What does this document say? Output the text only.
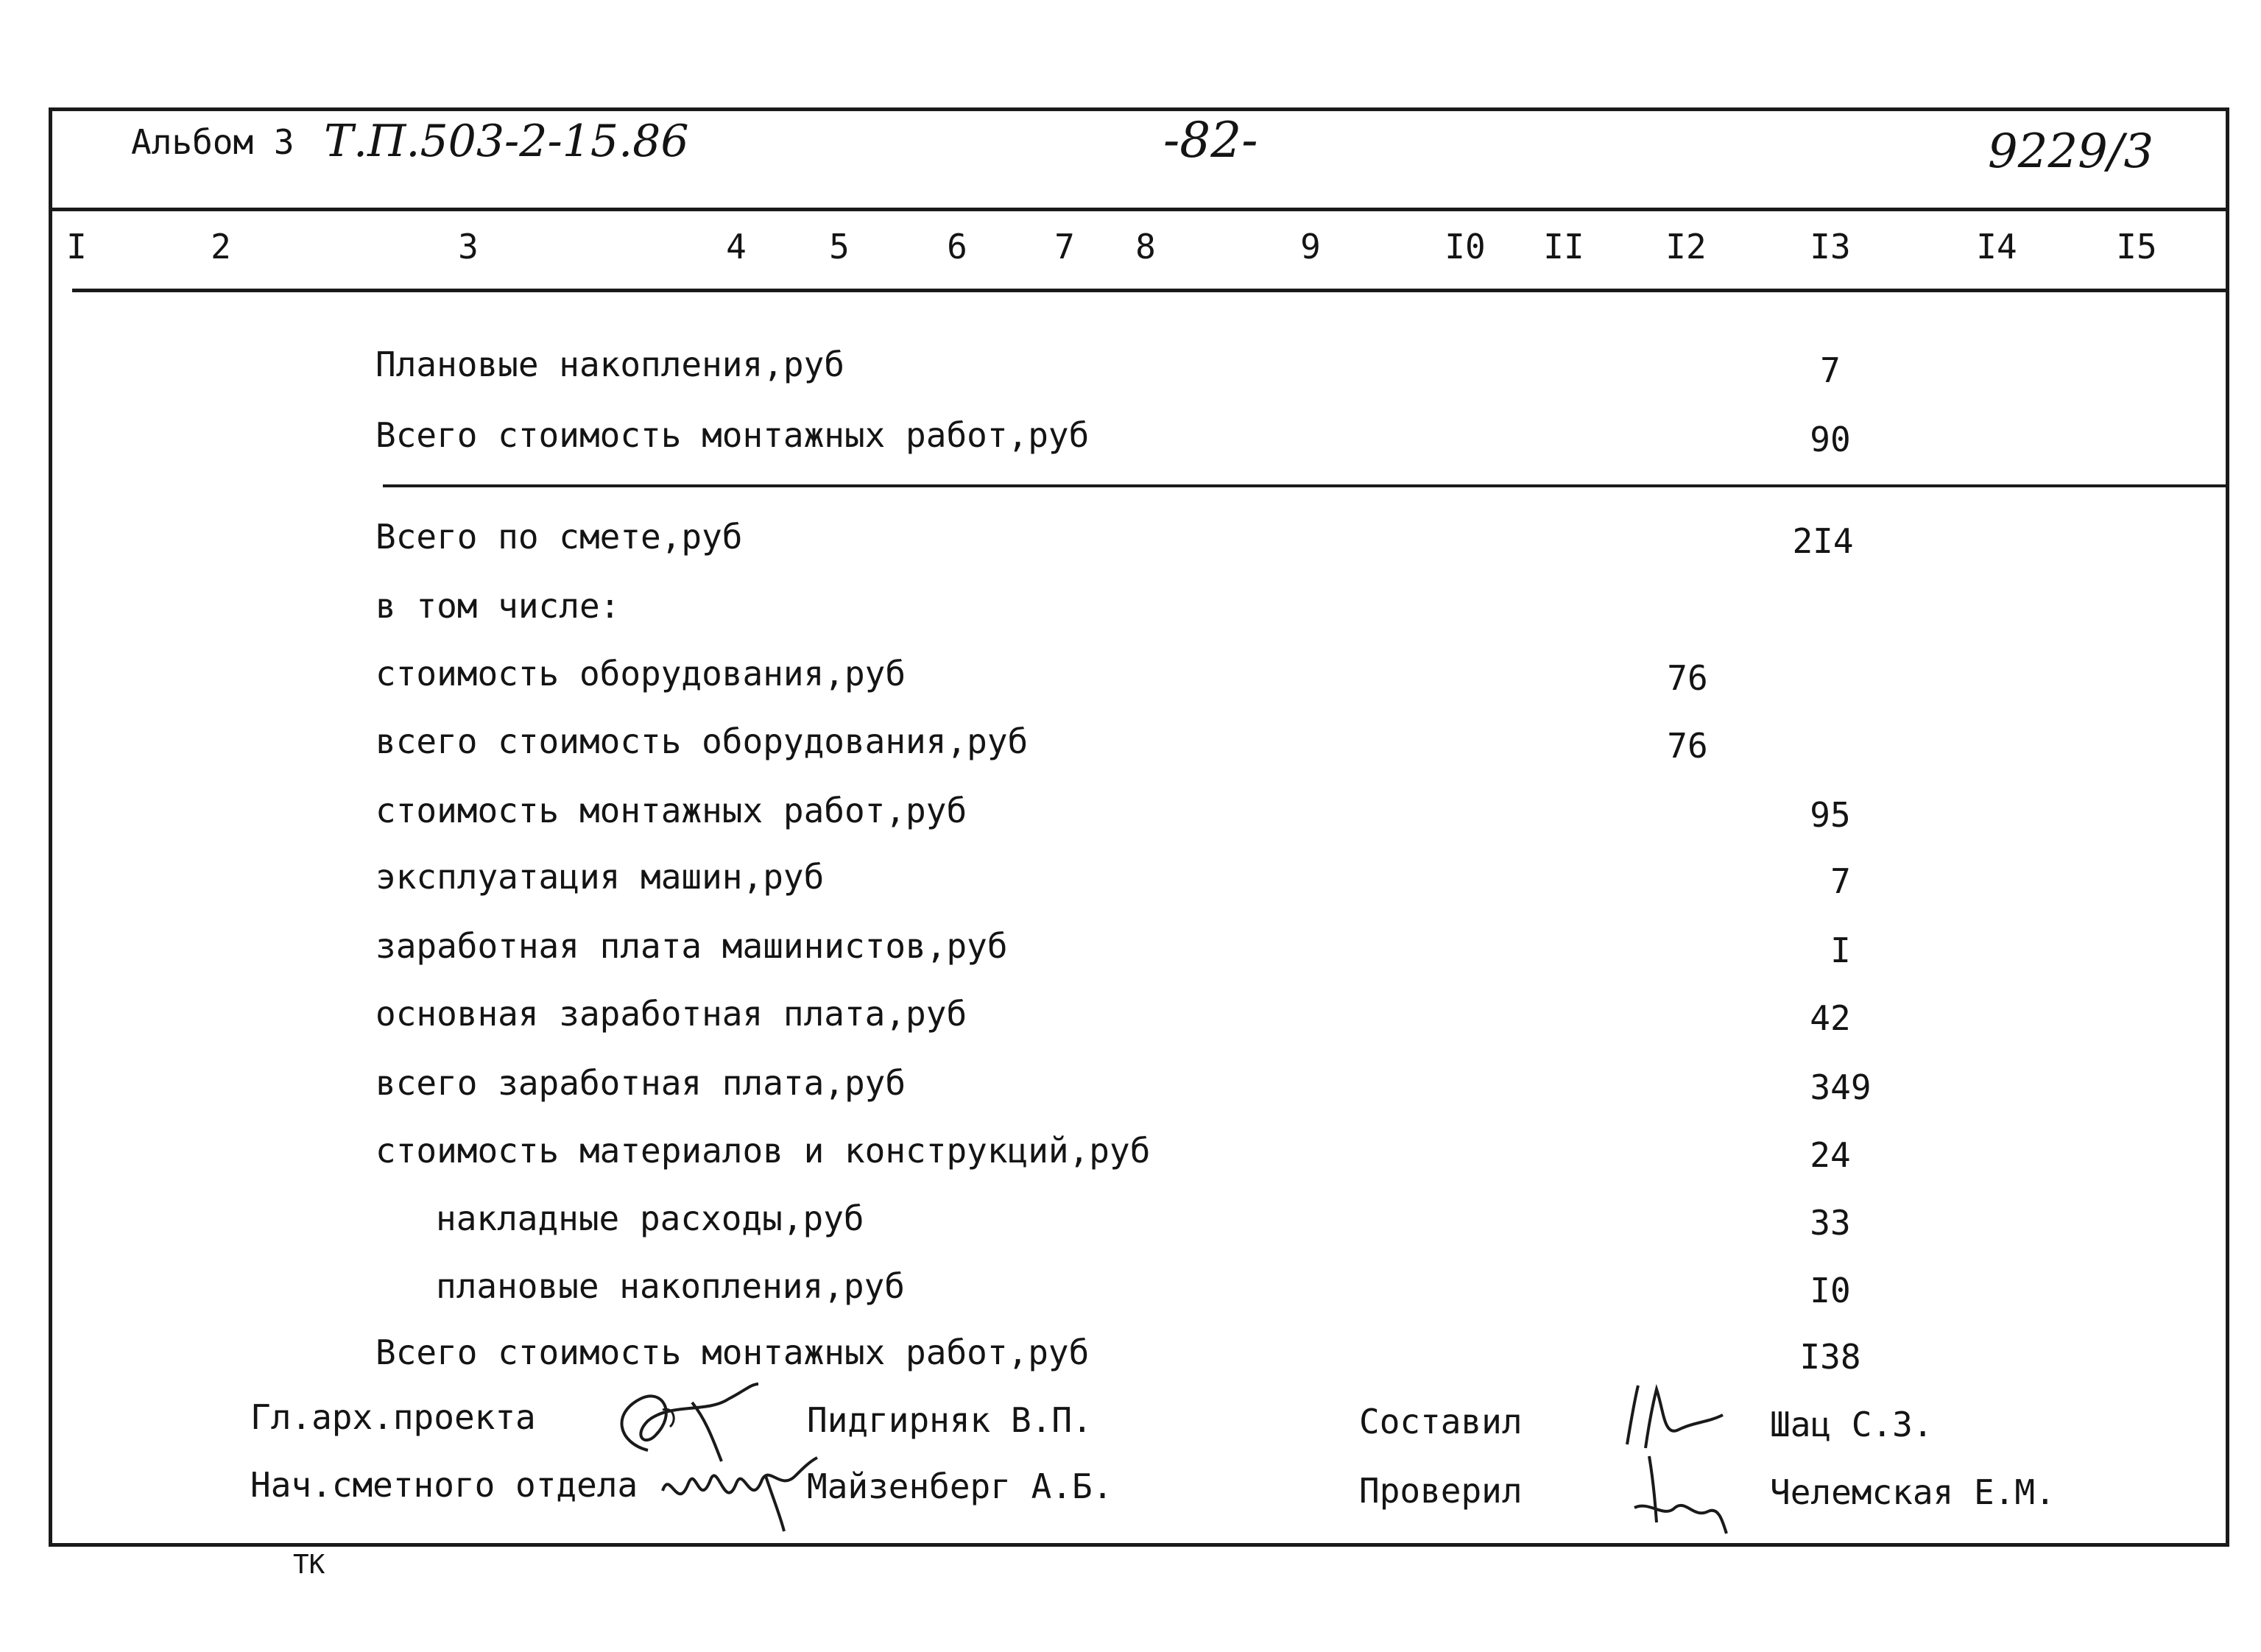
Альбом 3 Т.П.503-2-15.86	-82-	9229/3
I	2	3	4 5	6	7 8	9	I0 II I2	I3	I4	I5
Плановые накопления,руб	7
Всего стоимость монтажных работ,руб	90
Всего по смете,руб	2I4
в том числе:
стоимость оборудования,руб	76
всего стоимость оборудования,руб	76
стоимость монтажных работ,руб	95
эксплуатация машин,руб	7
заработная плата машинистов,руб	I
основная заработная плата,руб	42
всего заработная плата,руб	349
стоимость материалов и конструкций,руб	24
накладные расходы,руб	33
плановые накопления,руб	I0
Всего стоимость монтажных работ,руб	I38
Гл.арх.проекта	Пидгирняк В.П.
Нач.сметного отдела	Майзенберг А.Б.
Составил	Шац С.З.
Проверил	Челемская Е.М.
ТК
